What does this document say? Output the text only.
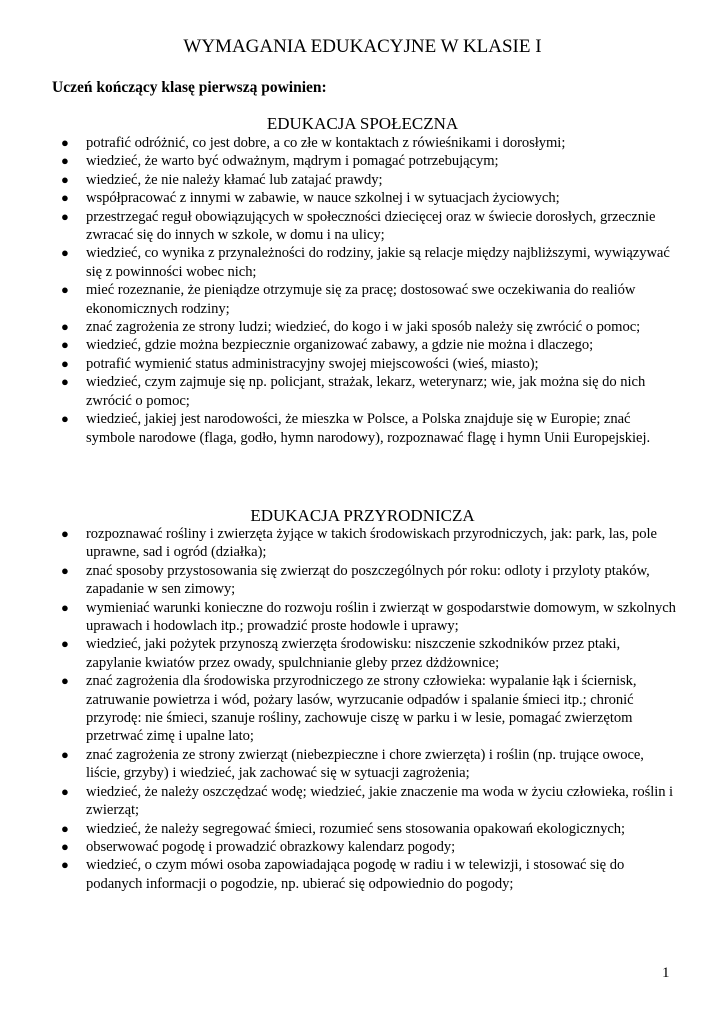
WYMAGANIA EDUKACYJNE W KLASIE I
Uczeń kończący klasę pierwszą powinien:
EDUKACJA SPOŁECZNA
● potrafić odróżnić, co jest dobre, a co złe w kontaktach z rówieśnikami i dorosłymi;
● wiedzieć, że warto być odważnym, mądrym i pomagać potrzebującym;
● wiedzieć, że nie należy kłamać lub zatajać prawdy;
● współpracować z innymi w zabawie, w nauce szkolnej i w sytuacjach życiowych;
● przestrzegać reguł obowiązujących w społeczności dziecięcej oraz w świecie dorosłych, grzecznie zwracać się do innych w szkole, w domu i na ulicy;
● wiedzieć, co wynika z przynależności do rodziny, jakie są relacje między najbliższymi, wywiązywać się z powinności wobec nich;
● mieć rozeznanie, że pieniądze otrzymuje się za pracę; dostosować swe oczekiwania do realiów ekonomicznych rodziny;
● znać zagrożenia ze strony ludzi; wiedzieć, do kogo i w jaki sposób należy się zwrócić o pomoc;
● wiedzieć, gdzie można bezpiecznie organizować zabawy, a gdzie nie można i dlaczego;
● potrafić wymienić status administracyjny swojej miejscowości (wieś, miasto);
● wiedzieć, czym zajmuje się np. policjant, strażak, lekarz, weterynarz; wie, jak można się do nich zwrócić o pomoc;
● wiedzieć, jakiej jest narodowości, że mieszka w Polsce, a Polska znajduje się w Europie; znać symbole narodowe (flaga, godło, hymn narodowy), rozpoznawać flagę i hymn Unii Europejskiej.
EDUKACJA PRZYRODNICZA
● rozpoznawać rośliny i zwierzęta żyjące w takich środowiskach przyrodniczych, jak: park, las, pole uprawne, sad i ogród (działka);
● znać sposoby przystosowania się zwierząt do poszczególnych pór roku: odloty i przyloty ptaków, zapadanie w sen zimowy;
● wymieniać warunki konieczne do rozwoju roślin i zwierząt w gospodarstwie domowym, w szkolnych uprawach i hodowlach itp.; prowadzić proste hodowle i uprawy;
● wiedzieć, jaki pożytek przynoszą zwierzęta środowisku: niszczenie szkodników przez ptaki, zapylanie kwiatów przez owady, spulchnianie gleby przez dżdżownice;
● znać zagrożenia dla środowiska przyrodniczego ze strony człowieka: wypalanie łąk i ściernisk, zatruwanie powietrza i wód, pożary lasów, wyrzucanie odpadów i spalanie śmieci itp.; chronić przyrodę: nie śmieci, szanuje rośliny, zachowuje ciszę w parku i w lesie, pomagać zwierzętom przetrwać zimę i upalne lato;
● znać zagrożenia ze strony zwierząt (niebezpieczne i chore zwierzęta) i roślin (np. trujące owoce, liście, grzyby) i wiedzieć, jak zachować się w sytuacji zagrożenia;
● wiedzieć, że należy oszczędzać wodę; wiedzieć, jakie znaczenie ma woda w życiu człowieka, roślin i zwierząt;
● wiedzieć, że należy segregować śmieci, rozumieć sens stosowania opakowań ekologicznych;
● obserwować pogodę i prowadzić obrazkowy kalendarz pogody;
● wiedzieć, o czym mówi osoba zapowiadająca pogodę w radiu i w telewizji, i stosować się do podanych informacji o pogodzie, np. ubierać się odpowiednio do pogody;
1
